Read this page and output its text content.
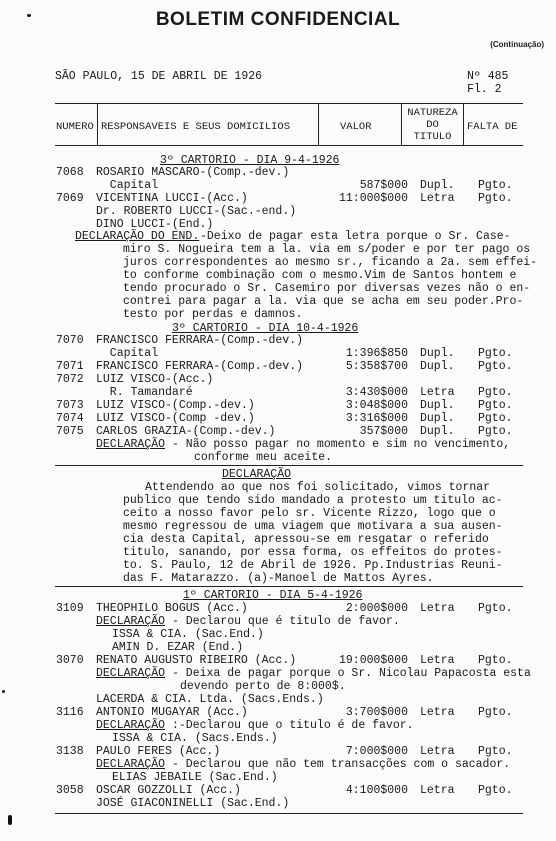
BOLETIM CONFIDENCIAL
(Continuação)
SÃO PAULO, 15 DE ABRIL DE 1926	Nº 485
Fl. 2
NUMERO RESPONSAVEIS E SEUS DOMICILIOS	VALOR
NATUREZA
DO
TITULO
FALTA DE
3º CARTORIO - DIA 9-4-1926
7068 ROSARIO MASCARO-(Comp.-dev.)
Capital	587$000 Dupl. Pgto.
7069 VICENTINA LUCCI-(Acc.)	11:000$000 Letra Pgto.
Dr. ROBERTO LUCCI-(Sac.-end.)
DINO LUCCI-(End.)
DECLARAÇÃO DO END. -Deixo de pagar esta letra porque o Sr. Case-
miro S. Nogueira tem a la. via em s/poder e por ter pago os
juros correspondentes ao mesmo sr., ficando a 2a. sem effei-
to conforme combinação com o mesmo.Vim de Santos hontem e
tendo procurado o Sr. Casemiro por diversas vezes não o en-
contrei para pagar a la. via que se acha em seu poder.Pro-
testo por perdas e damnos.
3º CARTORIO - DIA 10-4-1926
7070 FRANCISCO FERRARA-(Comp.-dev.)
Capital	1:396$850 Dupl. Pgto.
7071 FRANCISCO FERRARA-(Comp.-dev.)	5:358$700 Dupl. Pgto.
7072 LUIZ VISCO-(Acc.)
R. Tamandaré	3:430$000 Letra Pgto.
7073 LUIZ VISCO-(Comp.-dev.)	3:048$000 Dupl. Pgto.
7074 LUIZ VISCO-(Comp -dev.)	3:316$000 Dupl. Pgto.
7075 CARLOS GRAZIA-(Comp.-dev.)	357$000 Dupl. Pgto.
DECLARAÇÃO - Não posso pagar no momento e sim no vencimento,
conforme meu aceite.
DECLARAÇÃO
Attendendo ao que nos foi solicitado, vimos tornar
publico que tendo sido mandado a protesto um titulo ac-
ceito a nosso favor pelo sr. Vicente Rizzo, logo que o
mesmo regressou de uma viagem que motivara a sua ausen-
cia desta Capital, apressou-se em resgatar o referido
titulo, sanando, por essa forma, os effeitos do protes-
to. S. Paulo, 12 de Abril de 1926. Pp.Industrias Reuni-
das F. Matarazzo. (a)-Manoel de Mattos Ayres.
1º CARTORIO - DIA 5-4-1926
3109 THEOPHILO BOGUS (Acc.)	2:000$000 Letra Pgto.
DECLARAÇÃO - Declarou que é titulo de favor.
ISSA & CIA. (Sac.End.)
AMIN D. EZAR (End.)
3070 RENATO AUGUSTO RIBEIRO (Acc.)	19:000$000 Letra Pgto.
DECLARAÇÃO - Deixa de pagar porque o Sr. Nicolau Papacosta esta
devendo perto de 8:000$.
LACERDA & CIA. Ltda. (Sacs.Ends.)
3116 ANTONIO MUGAYAR (Acc.)	3:700$000 Letra Pgto.
DECLARAÇÃO :-Declarou que o titulo é de favor.
ISSA & CIA. (Sacs.Ends.)
3138 PAULO FERES (Acc.)	7:000$000 Letra Pgto.
DECLARAÇÃO - Declarou que não tem transacções com o sacador.
ELIAS JEBAILE (Sac.End.)
3058 OSCAR GOZZOLLI (Acc.)	4:100$000 Letra Pgto.
JOSÉ GIACONINELLI (Sac.End.)
